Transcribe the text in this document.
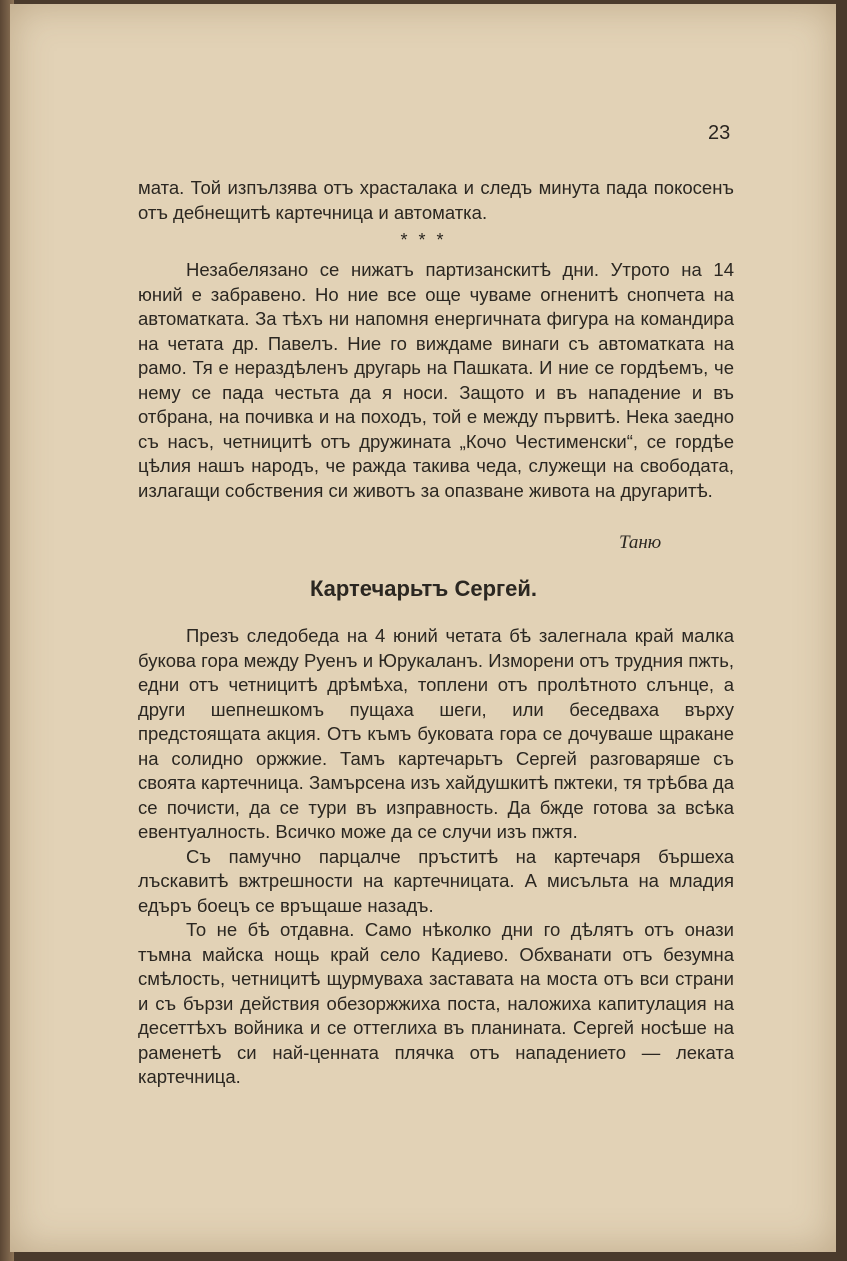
23

мата. Той изпълзява отъ храсталака и следъ минута пада покосенъ отъ дебнещитѣ картечница и автоматка.

* * *

Незабелязано се нижатъ партизанскитѣ дни. Утрото на 14 юний е забравено. Но ние все още чуваме огненитѣ снопчета на автоматката. За тѣхъ ни напомня енергичната фигура на командира на четата др. Павелъ. Ние го виждаме винаги съ автоматката на рамо. Тя е нераздѣленъ другарь на Пашката. И ние се гордѣемъ, че нему се пада честьта да я носи. Защото и въ нападение и въ отбрана, на почивка и на походъ, той е между първитѣ. Нека заедно съ насъ, четницитѣ отъ дружината „Кочо Честименски“, се гордѣе цѣлия нашъ народъ, че ражда такива чеда, служещи на свободата, излагащи собствения си животъ за опазване живота на другаритѣ.

Таню
Картечарьтъ Сергей.

Презъ следобеда на 4 юний четата бѣ залегнала край малка букова гора между Руенъ и Юрукаланъ. Изморени отъ трудния пжть, едни отъ четницитѣ дрѣмѣха, топлени отъ пролѣтното слънце, а други шепнешкомъ пущаха шеги, или беседваха върху предстоящата акция. Отъ къмъ буковата гора се дочуваше щракане на солидно оржжие. Тамъ картечарьтъ Сергей разговаряше съ своята картечница. Замърсена изъ хайдушкитѣ пжтеки, тя трѣбва да се почисти, да се тури въ изправность. Да бжде готова за всѣка евентуалность. Всичко може да се случи изъ пжтя.

Съ памучно парцалче пръститѣ на картечаря бършеха лъскавитѣ вжтрешности на картечницата. А мисъльта на младия едъръ боецъ се връщаше назадъ.

То не бѣ отдавна. Само нѣколко дни го дѣлятъ отъ онази тъмна майска нощь край село Кадиево. Обхванати отъ безумна смѣлость, четницитѣ щурмуваха заставата на моста отъ вси страни и съ бързи действия обезоржжиха поста, наложиха капитулация на десеттѣхъ войника и се оттеглиха въ планината. Сергей носѣше на раменетѣ си най-ценната плячка отъ нападението — леката картечница.
